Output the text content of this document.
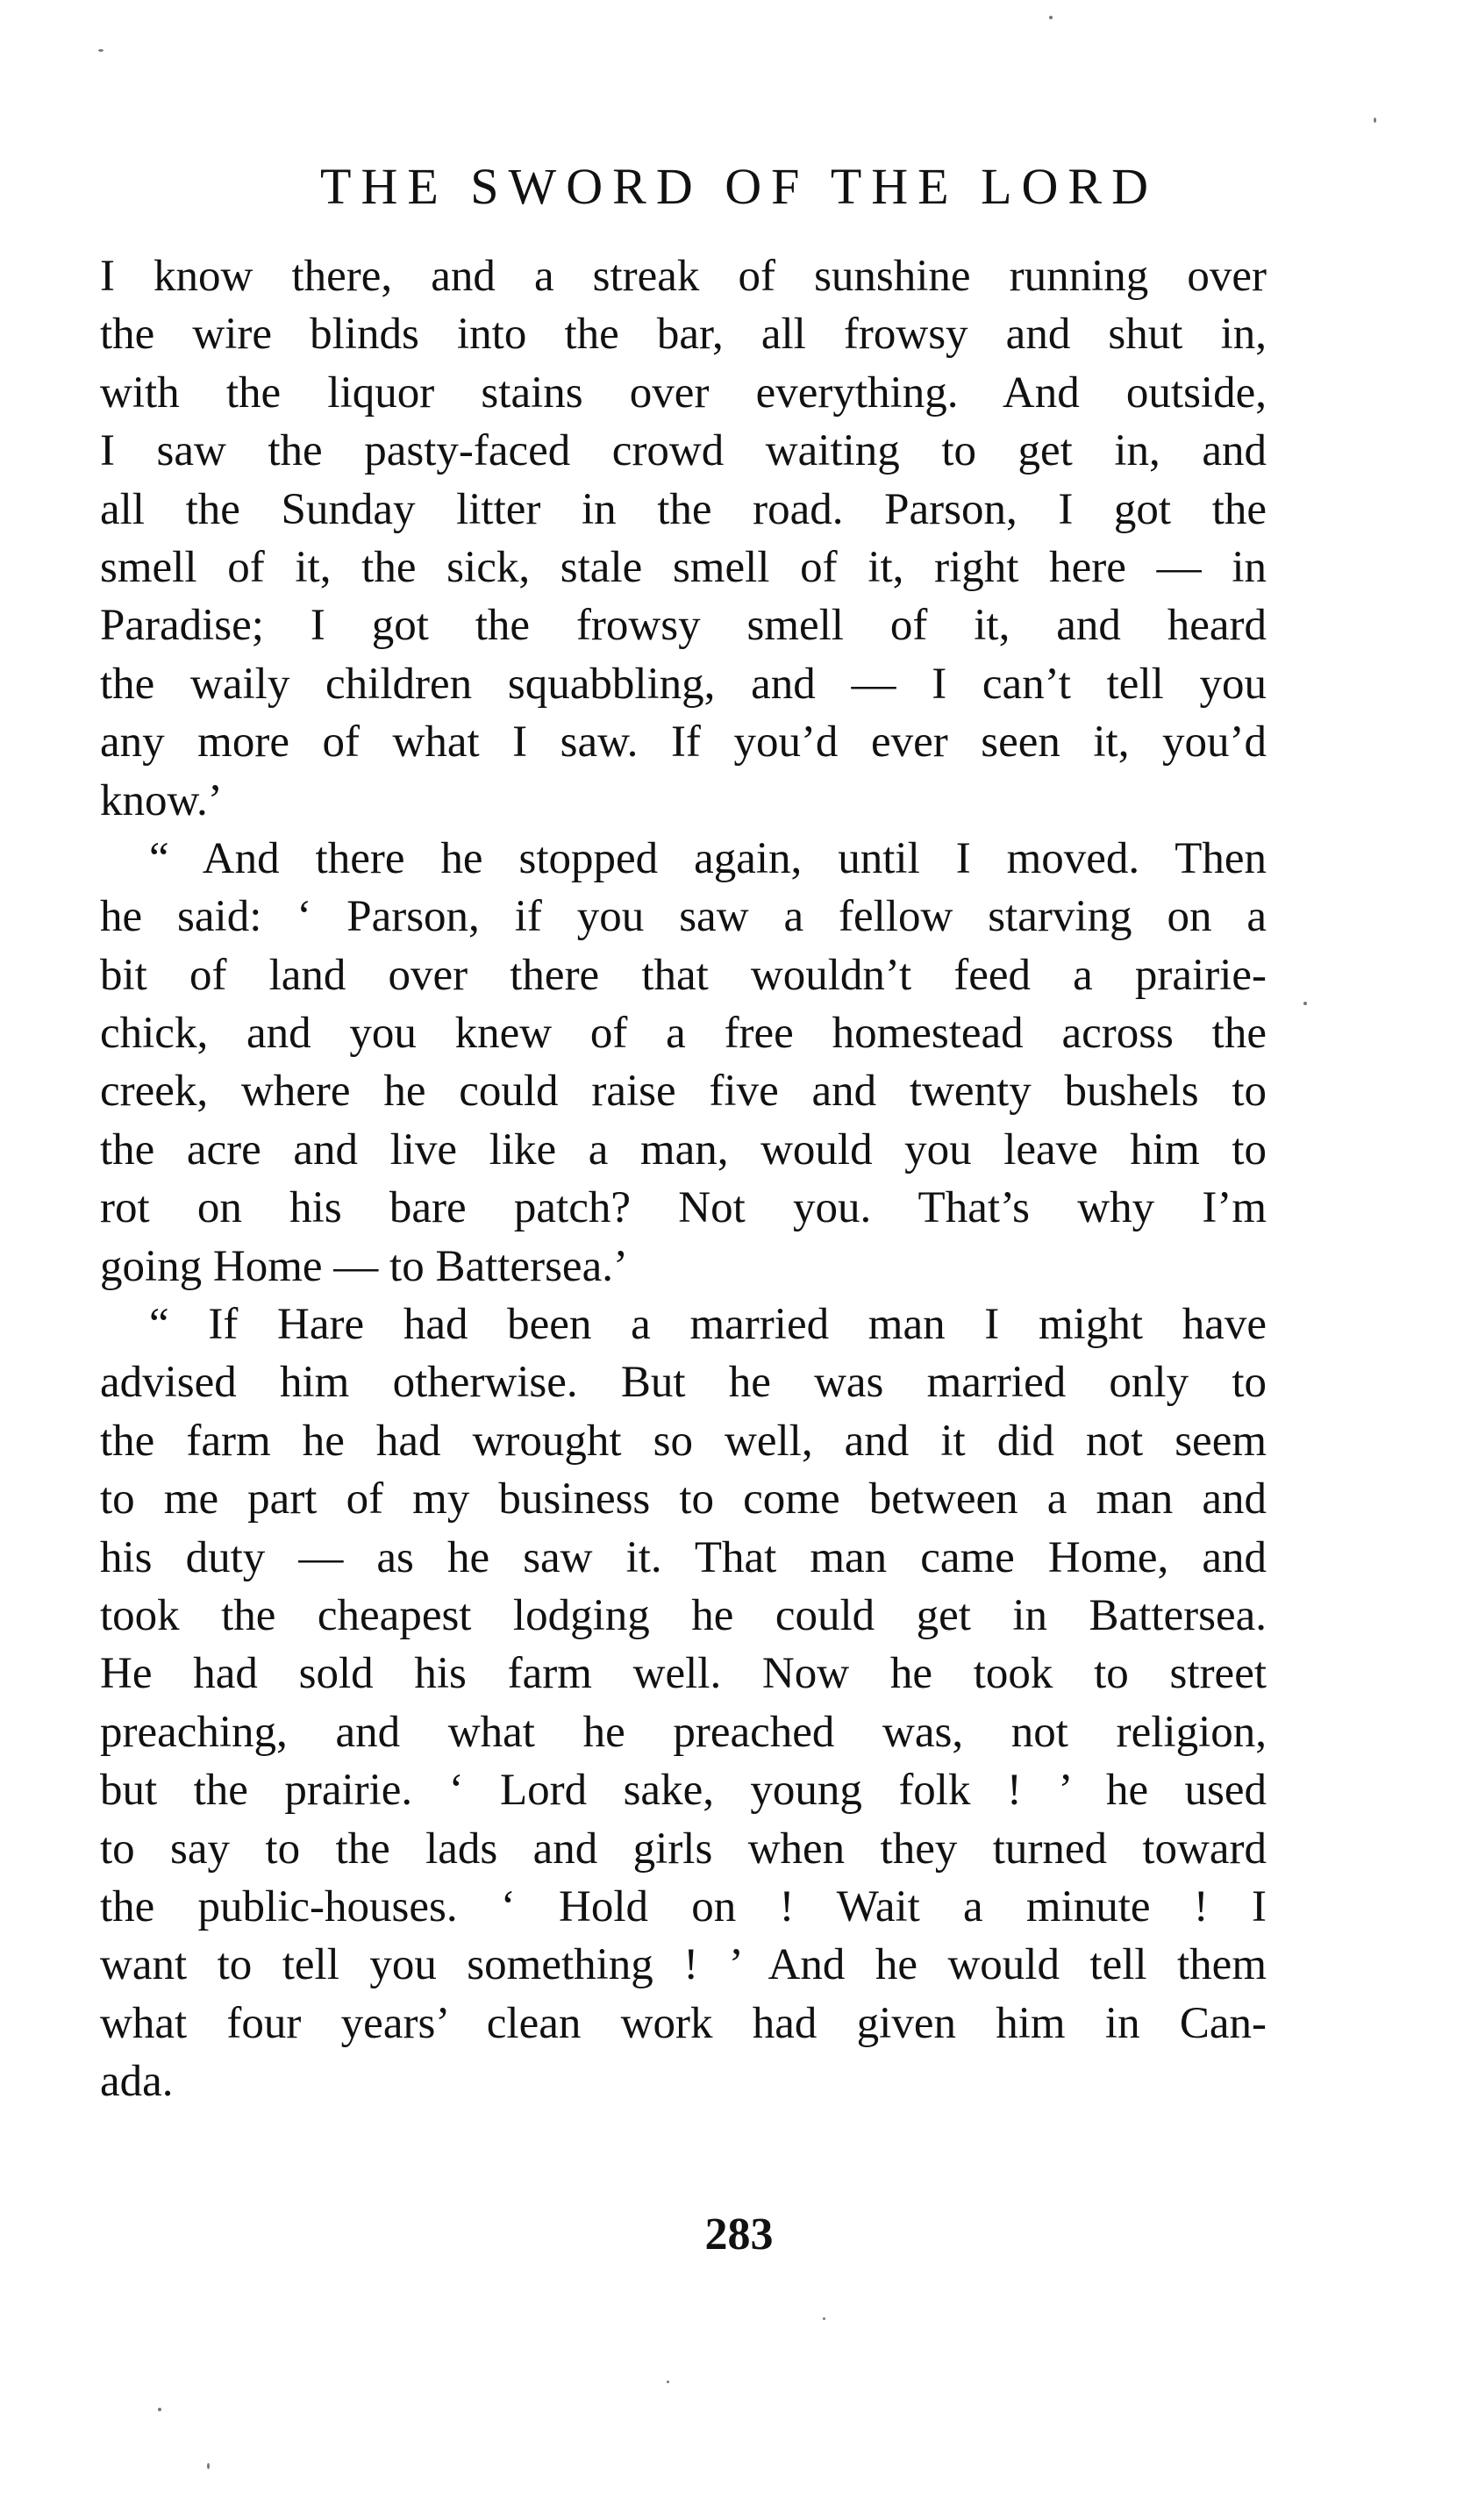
THE SWORD OF THE LORD
I know there, and a streak of sunshine running over
the wire blinds into the bar, all frowsy and shut in,
with the liquor stains over everything. And outside,
I saw the pasty-faced crowd waiting to get in, and
all the Sunday litter in the road. Parson, I got the
smell of it, the sick, stale smell of it, right here — in
Paradise; I got the frowsy smell of it, and heard
the waily children squabbling, and — I can’t tell you
any more of what I saw. If you’d ever seen it, you’d
know.’
“ And there he stopped again, until I moved. Then
he said: ‘ Parson, if you saw a fellow starving on a
bit of land over there that wouldn’t feed a prairie-
chick, and you knew of a free homestead across the
creek, where he could raise five and twenty bushels to
the acre and live like a man, would you leave him to
rot on his bare patch? Not you. That’s why I’m
going Home — to Battersea.’
“ If Hare had been a married man I might have
advised him otherwise. But he was married only to
the farm he had wrought so well, and it did not seem
to me part of my business to come between a man and
his duty — as he saw it. That man came Home, and
took the cheapest lodging he could get in Battersea.
He had sold his farm well. Now he took to street
preaching, and what he preached was, not religion,
but the prairie. ‘ Lord sake, young folk ! ’ he used
to say to the lads and girls when they turned toward
the public-houses. ‘ Hold on ! Wait a minute ! I
want to tell you something ! ’ And he would tell them
what four years’ clean work had given him in Can-
ada.
283
